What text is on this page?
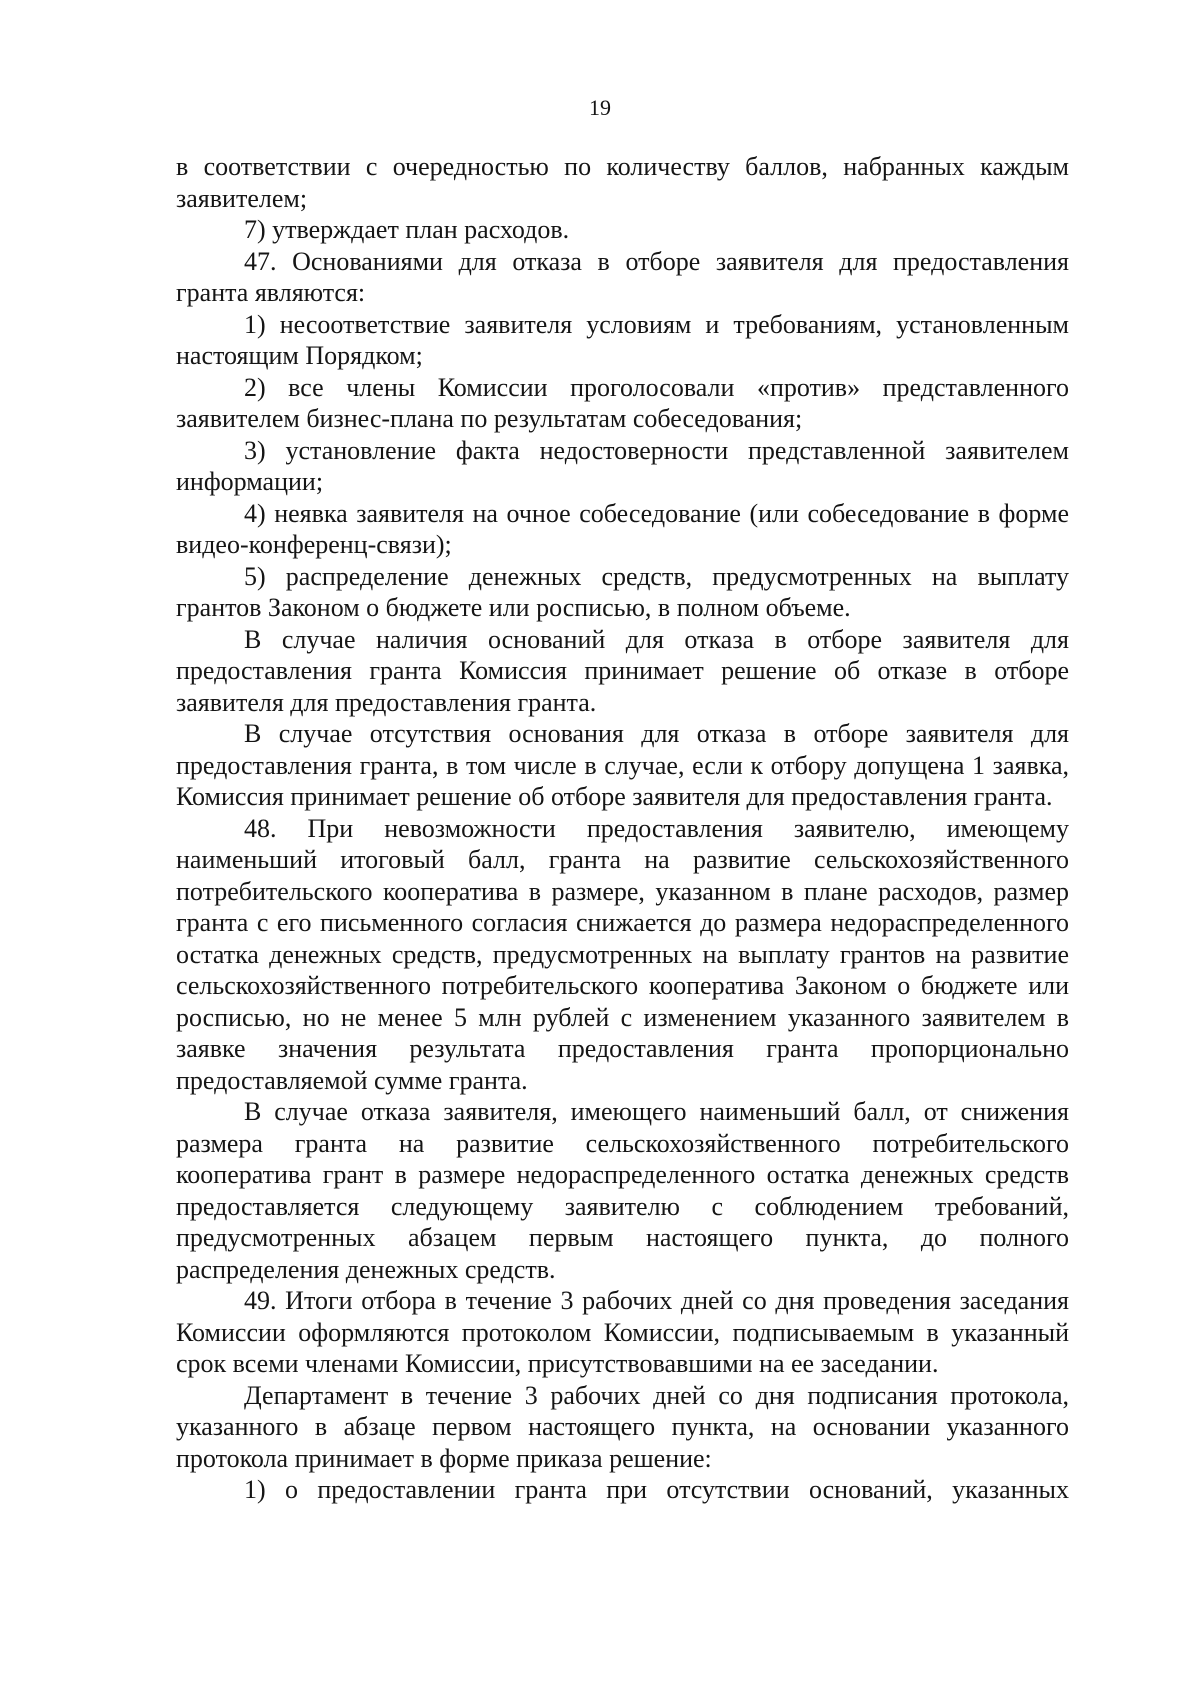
19

в соответствии с очередностью по количеству баллов, набранных каждым заявителем;

7) утверждает план расходов.

47. Основаниями для отказа в отборе заявителя для предоставления гранта являются:

1) несоответствие заявителя условиям и требованиям, установленным настоящим Порядком;

2) все члены Комиссии проголосовали «против» представленного заявителем бизнес-плана по результатам собеседования;

3) установление факта недостоверности представленной заявителем информации;

4) неявка заявителя на очное собеседование (или собеседование в форме видео-конференц-связи);

5) распределение денежных средств, предусмотренных на выплату грантов Законом о бюджете или росписью, в полном объеме.

В случае наличия оснований для отказа в отборе заявителя для предоставления гранта Комиссия принимает решение об отказе в отборе заявителя для предоставления гранта.

В случае отсутствия основания для отказа в отборе заявителя для предоставления гранта, в том числе в случае, если к отбору допущена 1 заявка, Комиссия принимает решение об отборе заявителя для предоставления гранта.

48. При невозможности предоставления заявителю, имеющему наименьший итоговый балл, гранта на развитие сельскохозяйственного потребительского кооператива в размере, указанном в плане расходов, размер гранта с его письменного согласия снижается до размера недораспределенного остатка денежных средств, предусмотренных на выплату грантов на развитие сельскохозяйственного потребительского кооператива Законом о бюджете или росписью, но не менее 5 млн рублей с изменением указанного заявителем в заявке значения результата предоставления гранта пропорционально предоставляемой сумме гранта.

В случае отказа заявителя, имеющего наименьший балл, от снижения размера гранта на развитие сельскохозяйственного потребительского кооператива грант в размере недораспределенного остатка денежных средств предоставляется следующему заявителю с соблюдением требований, предусмотренных абзацем первым настоящего пункта, до полного распределения денежных средств.

49. Итоги отбора в течение 3 рабочих дней со дня проведения заседания Комиссии оформляются протоколом Комиссии, подписываемым в указанный срок всеми членами Комиссии, присутствовавшими на ее заседании.

Департамент в течение 3 рабочих дней со дня подписания протокола, указанного в абзаце первом настоящего пункта, на основании указанного протокола принимает в форме приказа решение:

1) о предоставлении гранта при отсутствии оснований, указанных
